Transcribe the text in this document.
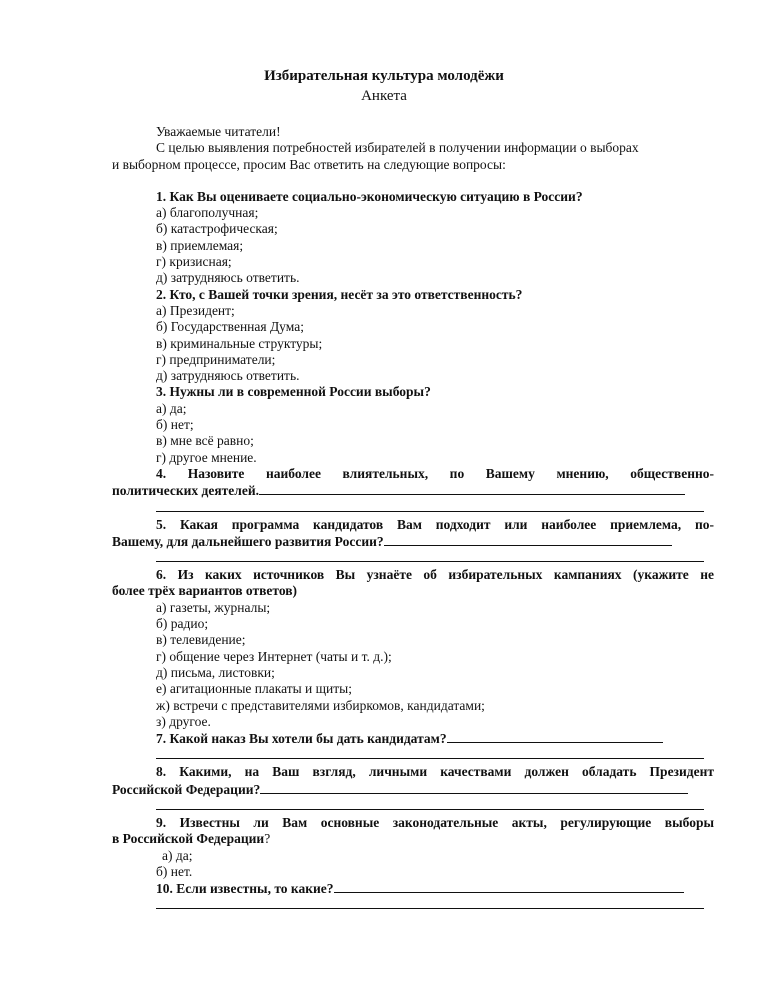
Избирательная культура молодёжи
Анкета

Уважаемые читатели!

С целью выявления потребностей избирателей в получении информации о выборах

и выборном процессе, просим Вас ответить на следующие вопросы:

1. Как Вы оцениваете социально-экономическую ситуацию в России?

а) благополучная;

б) катастрофическая;

в) приемлемая;

г) кризисная;

д) затрудняюсь ответить.

2. Кто, с Вашей точки зрения, несёт за это ответственность?

а) Президент;

б) Государственная Дума;

в) криминальные структуры;

г) предприниматели;

д) затрудняюсь ответить.

3. Нужны ли в современной России выборы?

а) да;

б) нет;

в) мне всё равно;

г) другое мнение.

4. Назовите наиболее влиятельных, по Вашему мнению, общественно-

политических деятелей.

5. Какая программа кандидатов Вам подходит или наиболее приемлема, по-

Вашему, для дальнейшего развития России?

6. Из каких источников Вы узнаёте об избирательных кампаниях (укажите не

более трёх вариантов ответов)

а) газеты, журналы;

б) радио;

в) телевидение;

г) общение через Интернет (чаты и т. д.);

д) письма, листовки;

е) агитационные плакаты и щиты;

ж) встречи с представителями избиркомов, кандидатами;

з) другое.

7. Какой наказ Вы хотели бы дать кандидатам?

8. Какими, на Ваш взгляд, личными качествами должен обладать Президент

Российской Федерации?

9. Известны ли Вам основные законодательные акты, регулирующие выборы

в Российской Федерации?

а) да;

б) нет.

10. Если известны, то какие?
